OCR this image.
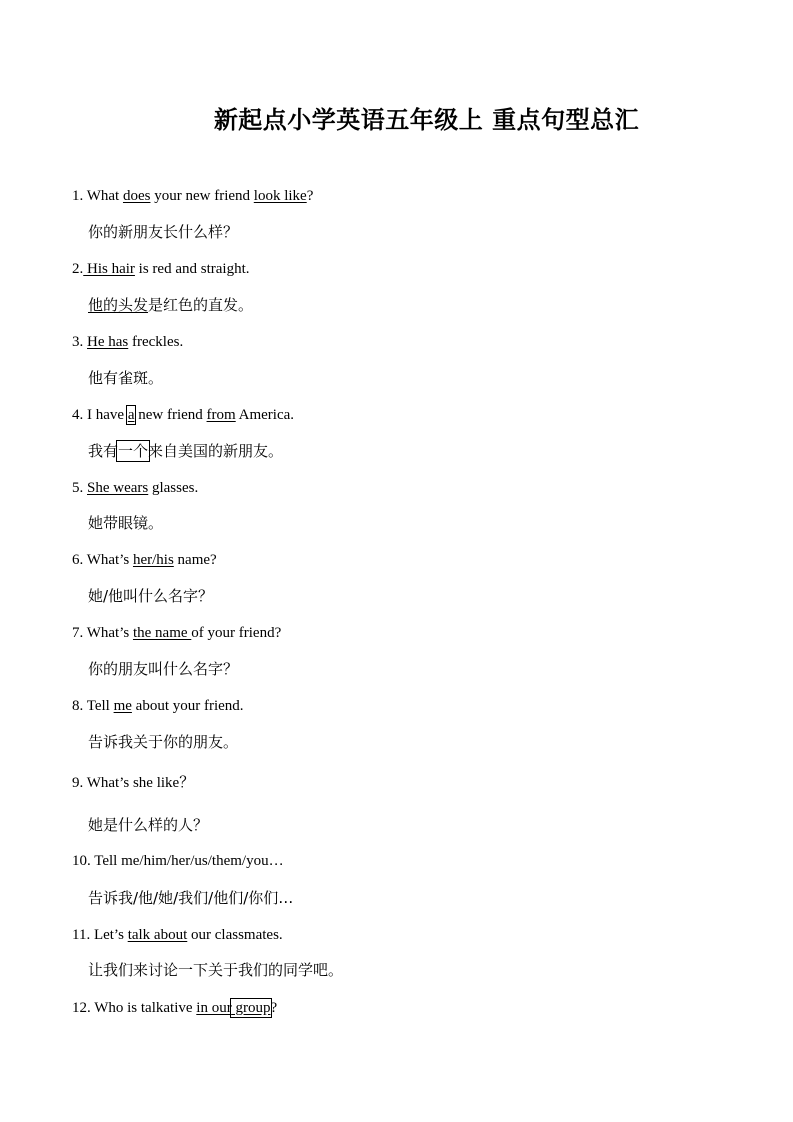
新起点小学英语五年级上 重点句型总汇
1. What does your new friend look like?
你的新朋友长什么样？
2. His hair is red and straight.
他的头发是红色的直发。
3. He has freckles.
他有雀斑。
4. I have a new friend from America.
我有一个来自美国的新朋友。
5. She wears glasses.
她带眼镜。
6. What’s her/his name?
她/他叫什么名字？
7. What’s the name of your friend?
你的朋友叫什么名字？
8. Tell me about your friend.
告诉我关于你的朋友。
9. What’s she like？
她是什么样的人？
10. Tell me/him/her/us/them/you…
告诉我/他/她/我们/他们/你们…
11. Let’s talk about our classmates.
让我们来讨论一下关于我们的同学吧。
12. Who is talkative in our group?
